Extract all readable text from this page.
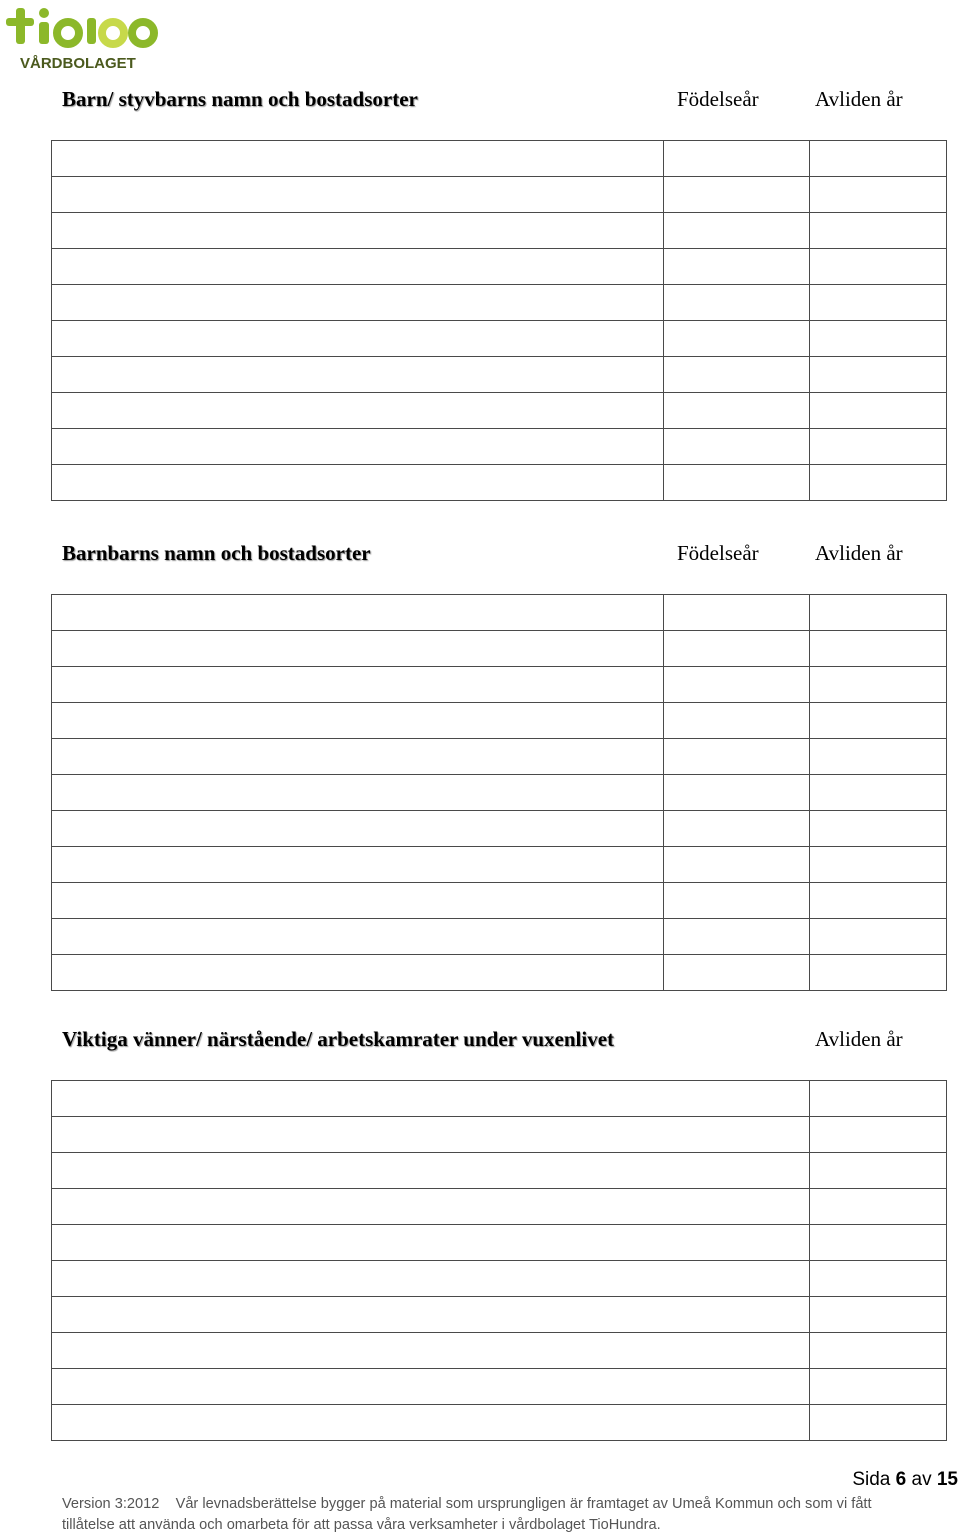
VÅRDBOLAGET
Barn/ styvbarns namn och bostadsorter	Födelseår	Avliden år

Barnbarns namn och bostadsorter	Födelseår	Avliden år

Viktiga vänner/ närstående/ arbetskamrater under vuxenlivet	Avliden år

Sida 6 av 15
Version 3:2012    Vår levnadsberättelse bygger på material som ursprungligen är framtaget av Umeå Kommun och som vi fått
tillåtelse att använda och omarbeta för att passa våra verksamheter i vårdbolaget TioHundra.
